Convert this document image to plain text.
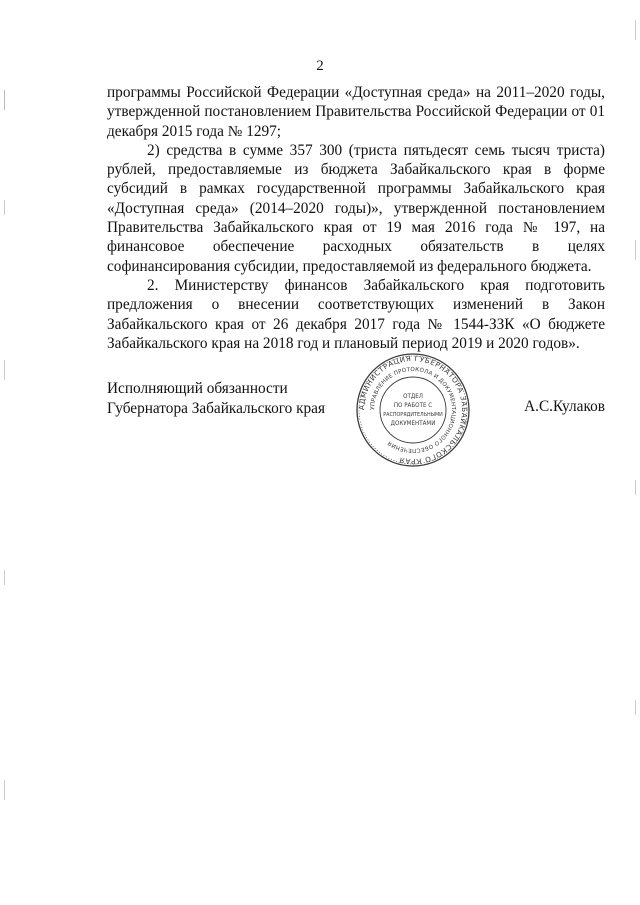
2

программы Российской Федерации «Доступная среда» на 2011–2020 годы, утвержденной постановлением Правительства Российской Федерации от 01 декабря 2015 года № 1297;

2) средства в сумме 357 300 (триста пятьдесят семь тысяч триста) рублей, предоставляемые из бюджета Забайкальского края в форме субсидий в рамках государственной программы Забайкальского края «Доступная среда» (2014–2020 годы)», утвержденной постановлением Правительства Забайкальского края от 19 мая 2016 года № 197, на финансовое обеспечение расходных обязательств в целях софинансирования субсидии, предоставляемой из федерального бюджета.

2. Министерству финансов Забайкальского края подготовить предложения о внесении соответствующих изменений в Закон Забайкальского края от 26 декабря 2017 года № 1544-ЗЗК «О бюджете Забайкальского края на 2018 год и плановый период 2019 и 2020 годов».

Исполняющий обязанности
Губернатора Забайкальского края	А.С.Кулаков
АДМИНИСТРАЦИЯ ГУБЕРНАТОРА ЗАБАЙКАЛЬСКОГО КРАЯ
УПРАВЛЕНИЕ ПРОТОКОЛА И ДОКУМЕНТАЦИОННОГО ОБЕСПЕЧЕНИЯ
ОТДЕЛ
ПО РАБОТЕ С
РАСПОРЯДИТЕЛЬНЫМИ
ДОКУМЕНТАМИ
